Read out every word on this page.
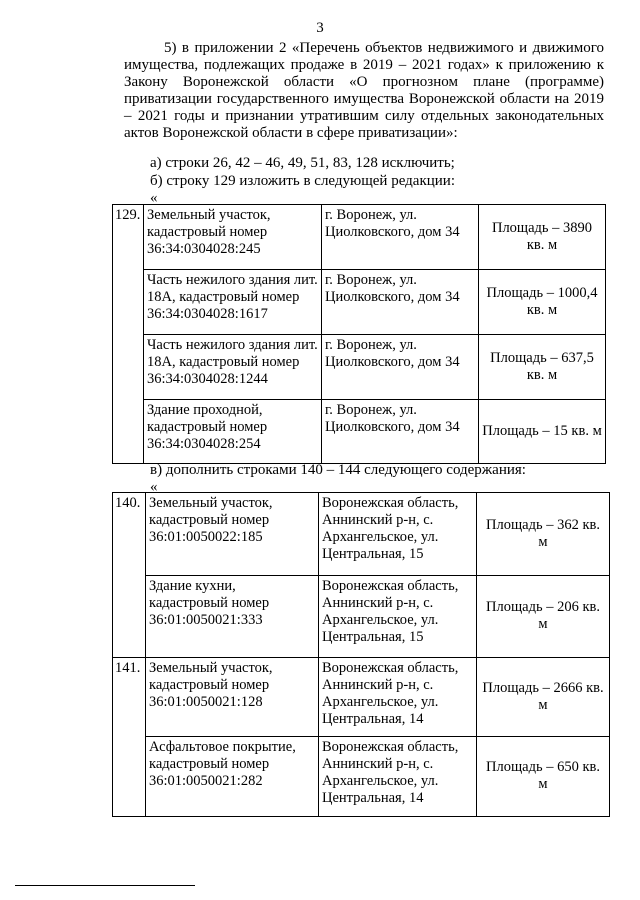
3

5) в приложении 2 «Перечень объектов недвижимого и движимого имущества, подлежащих продаже в 2019 – 2021 годах» к приложению к Закону Воронежской области «О прогнозном плане (программе) приватизации государственного имущества Воронежской области на 2019 – 2021 годы и признании утратившим силу отдельных законодательных актов Воронежской области в сфере приватизации»:

а) строки 26, 42 – 46, 49, 51, 83, 128 исключить;

б) строку 129 изложить в следующей редакции:

«

129.	Земельный участок, кадастровый номер 36:34:0304028:245	г. Воронеж, ул. Циолковского, дом 34	Площадь – 3890 кв. м
	Часть нежилого здания лит. 18А, кадастровый номер 36:34:0304028:1617	г. Воронеж, ул. Циолковского, дом 34	Площадь – 1000,4 кв. м
	Часть нежилого здания лит. 18А, кадастровый номер 36:34:0304028:1244	г. Воронеж, ул. Циолковского, дом 34	Площадь – 637,5 кв. м
	Здание проходной, кадастровый номер 36:34:0304028:254	г. Воронеж, ул. Циолковского, дом 34	Площадь – 15 кв. м

в) дополнить строками 140 – 144 следующего содержания:

«

140.	Земельный участок, кадастровый номер 36:01:0050022:185	Воронежская область, Аннинский р-н, с. Архангельское, ул. Центральная, 15	Площадь – 362 кв. м
	Здание кухни, кадастровый номер 36:01:0050021:333	Воронежская область, Аннинский р-н, с. Архангельское, ул. Центральная, 15	Площадь – 206 кв. м
141.	Земельный участок, кадастровый номер 36:01:0050021:128	Воронежская область, Аннинский р-н, с. Архангельское, ул. Центральная, 14	Площадь – 2666 кв. м
	Асфальтовое покрытие, кадастровый номер 36:01:0050021:282	Воронежская область, Аннинский р-н, с. Архангельское, ул. Центральная, 14	Площадь – 650 кв. м
